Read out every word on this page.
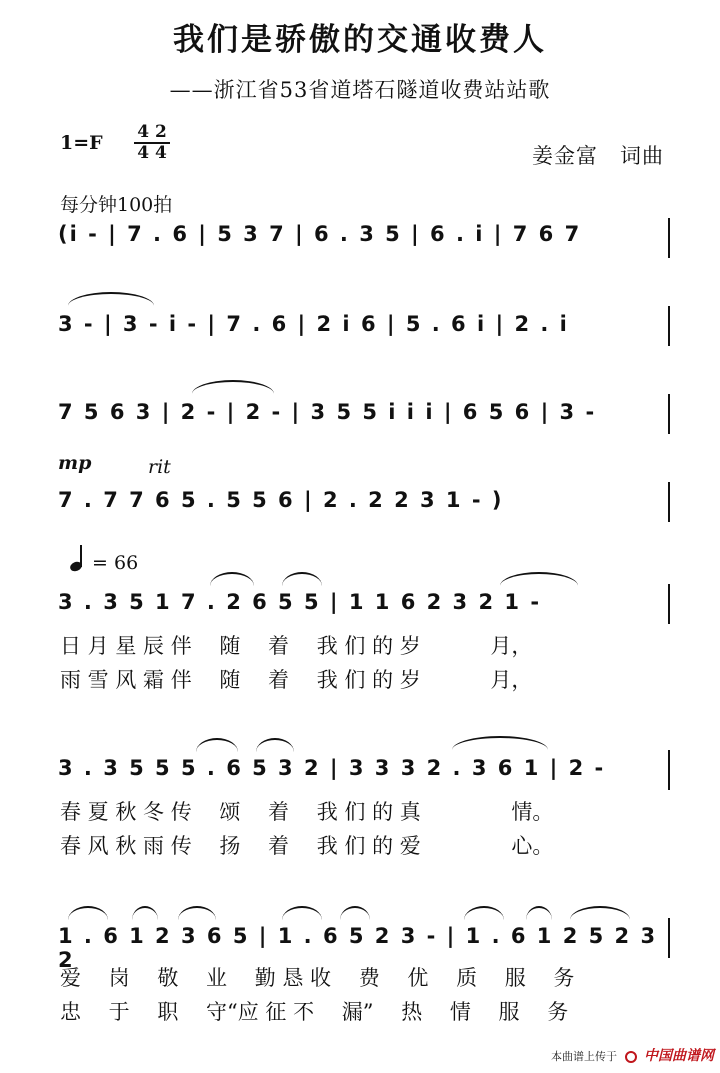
我们是骄傲的交通收费人
——浙江省53省道塔石隧道收费站站歌
1=F	4 2
4 4	姜金富　词曲
每分钟100拍
(i - | 7 . 6 | 5 3 7 | 6 . 3 5 | 6 . i | 7 6 7
3 - | 3 - i - | 7 . 6 | 2 i 6 | 5 . 6 i | 2 . i
7 5 6 3 | 2 - | 2 - | 3 5 5 i i i | 6 5 6 | 3 -
mp	rit
7 . 7 7 6 5 . 5 5 6 | 2 . 2 2 3 1 - )
= 66
3 . 3 5 1 7 . 2 6 5 5 | 1 1 6 2 3 2 1 -
日 月 星 辰 伴　 随　 着　 我 们 的 岁　　　 月，
雨 雪 风 霜 伴　 随　 着　 我 们 的 岁　　　 月，
3 . 3 5 5 5 . 6 5 3 2 | 3 3 3 2 . 3 6 1 | 2 -
春 夏 秋 冬 传　 颂　 着　 我 们 的 真　　　　 情。
春 风 秋 雨 传　 扬　 着　 我 们 的 爱　　　　 心。
1 . 6 1 2 3 6 5 | 1 . 6 5 2 3 - | 1 . 6 1 2 5 2 3 2
爱　 岗　 敬　 业　 勤 恳 收　 费　 优　 质　 服　 务
忠　 于　 职　 守“应 征 不　 漏”　 热　 情　 服　 务
本曲谱上传于 中国曲谱网
